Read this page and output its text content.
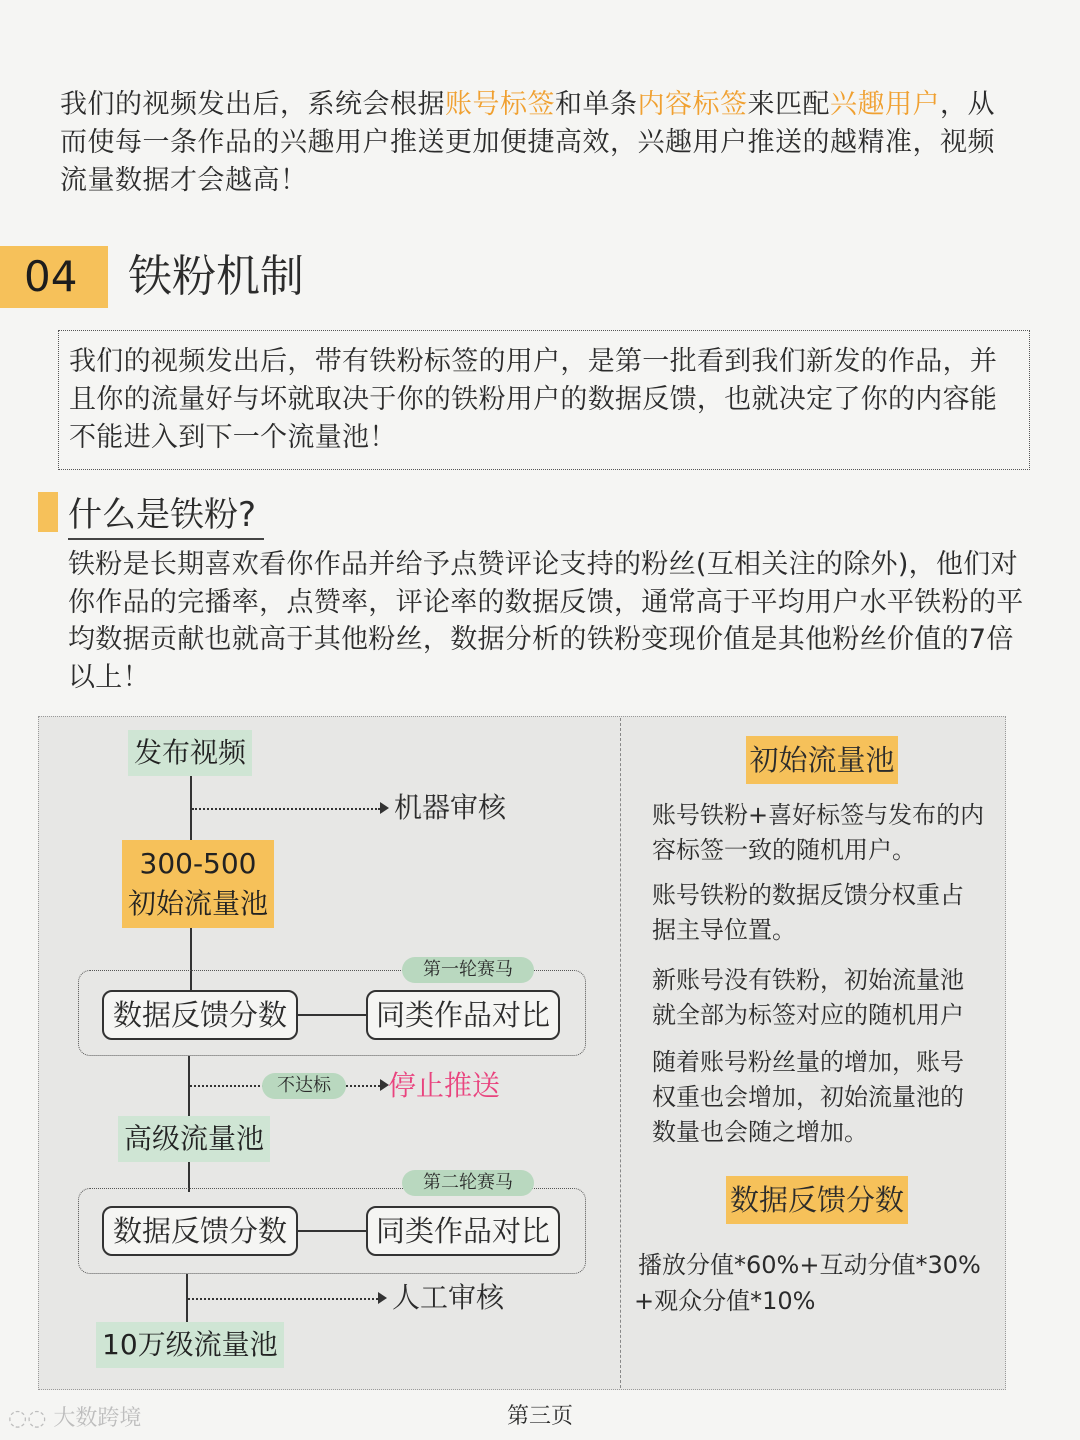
我们的视频发出后，系统会根据账号标签和单条内容标签来匹配兴趣用户，从而使每一条作品的兴趣用户推送更加便捷高效，兴趣用户推送的越精准，视频流量数据才会越高！
04	铁粉机制
我们的视频发出后，带有铁粉标签的用户，是第一批看到我们新发的作品，并且你的流量好与坏就取决于你的铁粉用户的数据反馈，也就决定了你的内容能不能进入到下一个流量池！
什么是铁粉?
铁粉是长期喜欢看你作品并给予点赞评论支持的粉丝(互相关注的除外)，他们对你作品的完播率，点赞率，评论率的数据反馈，通常高于平均用户水平铁粉的平均数据贡献也就高于其他粉丝，数据分析的铁粉变现价值是其他粉丝价值的7倍以上！
发布视频
机器审核
300-500
初始流量池
第一轮赛马
数据反馈分数	同类作品对比
不达标	停止推送
高级流量池
第二轮赛马
数据反馈分数	同类作品对比
人工审核
10万级流量池
初始流量池
账号铁粉+喜好标签与发布的内容标签一致的随机用户。
账号铁粉的数据反馈分权重占据主导位置。
新账号没有铁粉，初始流量池就全部为标签对应的随机用户
随着账号粉丝量的增加，账号权重也会增加，初始流量池的数量也会随之增加。
数据反馈分数
播放分值*60%+互动分值*30%
+观众分值*10%
第三页
◌◌ 大数跨境
